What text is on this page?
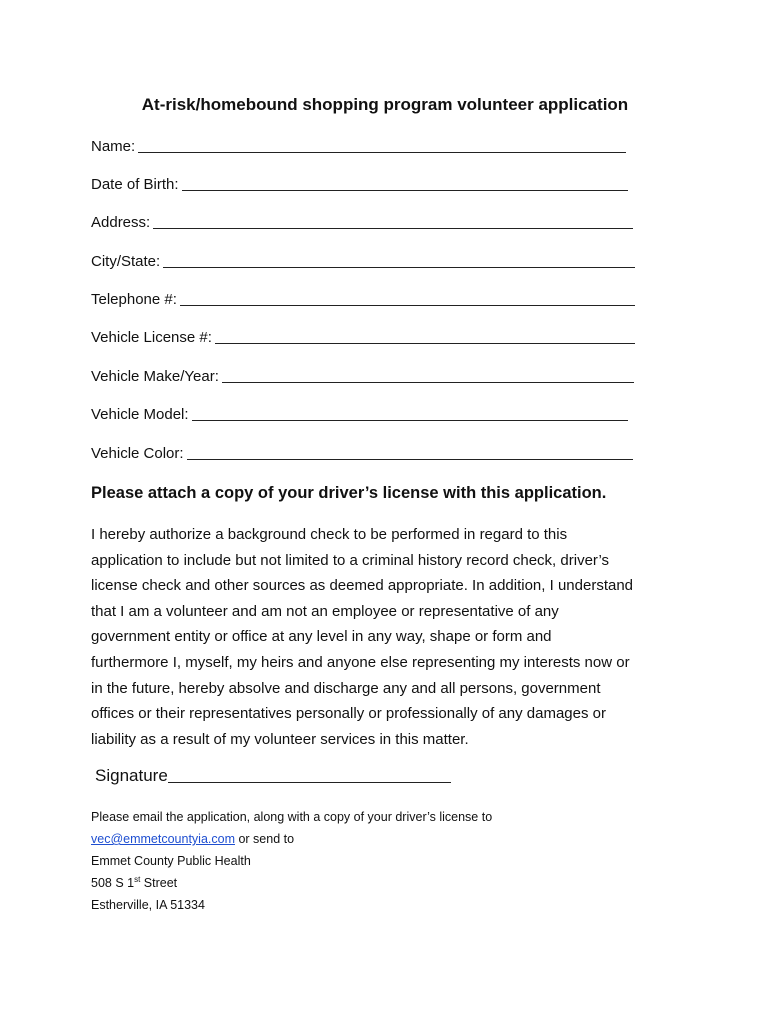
At-risk/homebound shopping program volunteer application
Name:
Date of Birth:
Address:
City/State:
Telephone #:
Vehicle License #:
Vehicle Make/Year:
Vehicle Model:
Vehicle Color:
Please attach a copy of your driver’s license with this application.
I hereby authorize a background check to be performed in regard to this
application to include but not limited to a criminal history record check, driver’s
license check and other sources as deemed appropriate. In addition, I understand
that I am a volunteer and am not an employee or representative of any
government entity or office at any level in any way, shape or form and
furthermore I, myself, my heirs and anyone else representing my interests now or
in the future, hereby absolve and discharge any and all persons, government
offices or their representatives personally or professionally of any damages or
liability as a result of my volunteer services in this matter.
Signature
Please email the application, along with a copy of your driver’s license to
vec@emmetcountyia.com or send to
Emmet County Public Health
508 S 1st Street
Estherville, IA 51334
